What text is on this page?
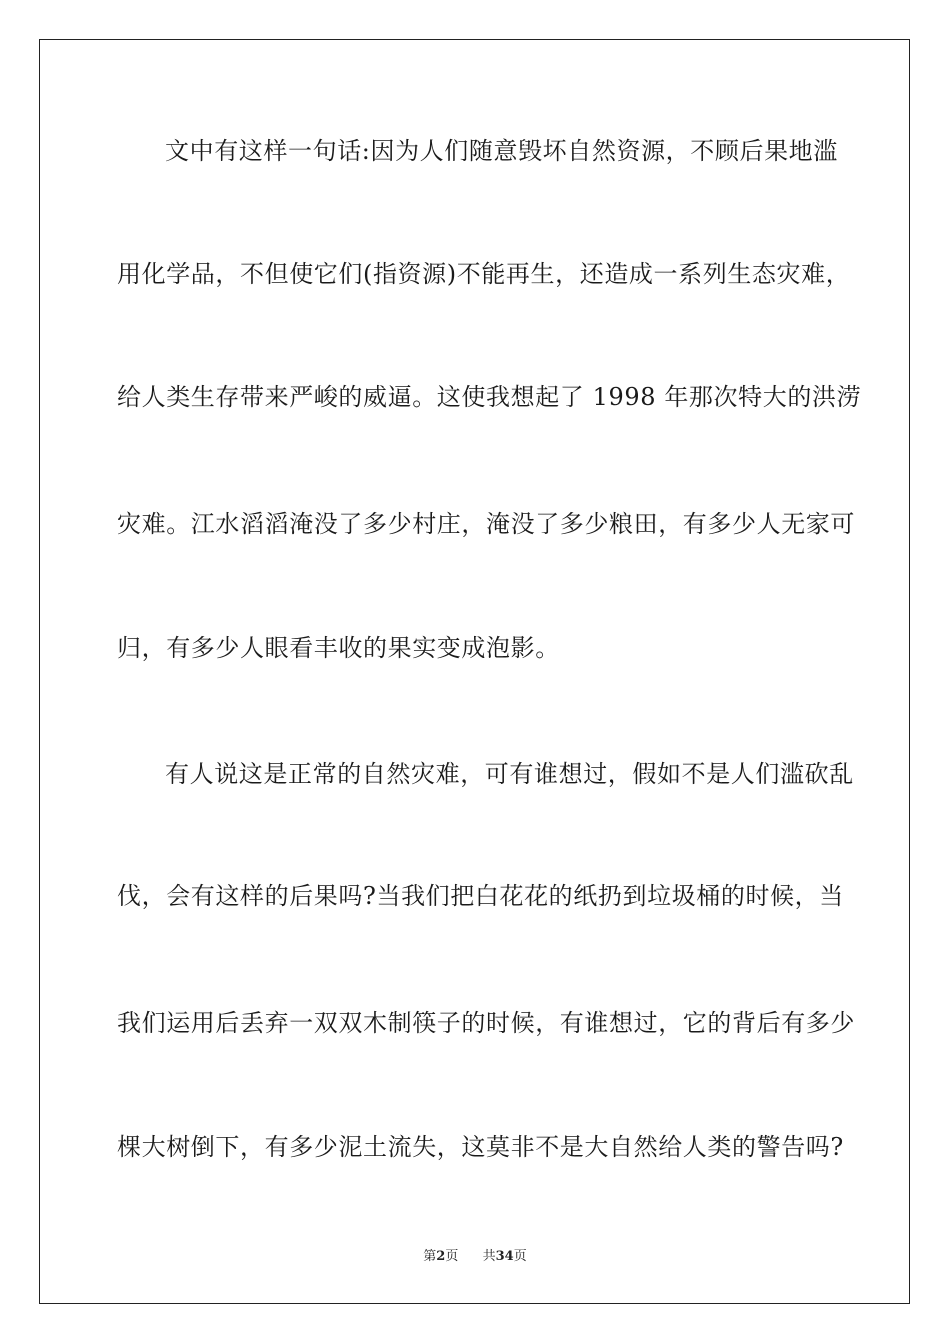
文中有这样一句话:因为人们随意毁坏自然资源，不顾后果地滥
用化学品，不但使它们(指资源)不能再生，还造成一系列生态灾难，
给人类生存带来严峻的威逼。这使我想起了 1998 年那次特大的洪涝
灾难。江水滔滔淹没了多少村庄，淹没了多少粮田，有多少人无家可
归，有多少人眼看丰收的果实变成泡影。
有人说这是正常的自然灾难，可有谁想过，假如不是人们滥砍乱
伐，会有这样的后果吗?当我们把白花花的纸扔到垃圾桶的时候，当
我们运用后丢弃一双双木制筷子的时候，有谁想过，它的背后有多少
棵大树倒下，有多少泥土流失，这莫非不是大自然给人类的警告吗?
第2页 共34页
